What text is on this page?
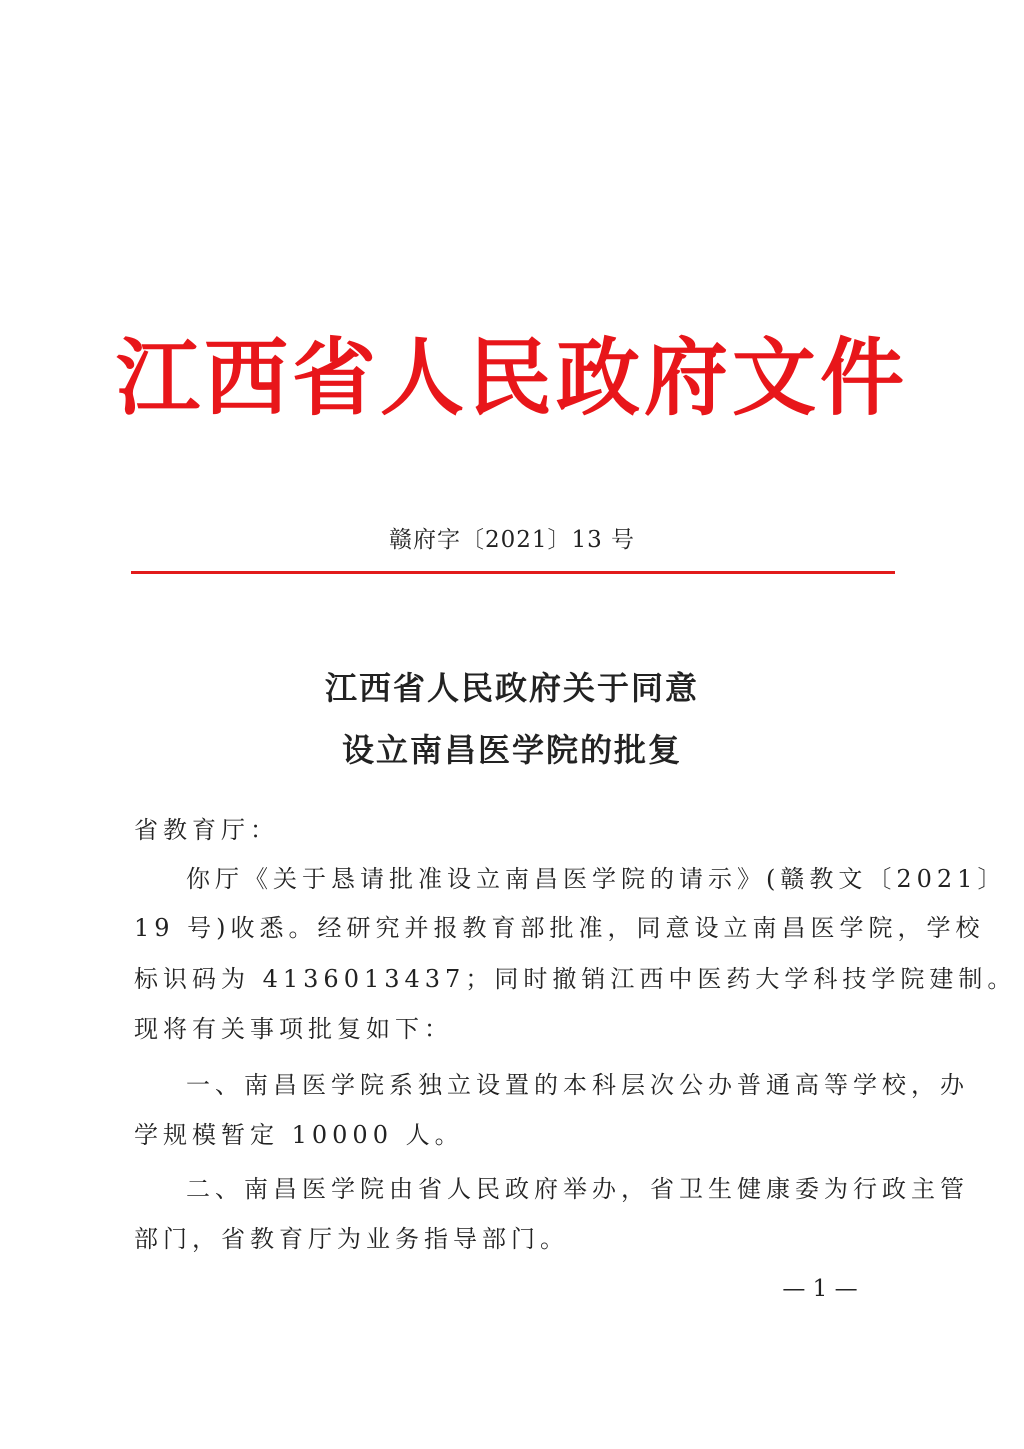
江西省人民政府文件
赣府字〔2021〕13 号
江西省人民政府关于同意
设立南昌医学院的批复
省教育厅：
你厅《关于恳请批准设立南昌医学院的请示》(赣教文〔2021〕
19 号)收悉。经研究并报教育部批准，同意设立南昌医学院，学校
标识码为 4136013437；同时撤销江西中医药大学科技学院建制。
现将有关事项批复如下：
一、南昌医学院系独立设置的本科层次公办普通高等学校，办
学规模暂定 10000 人。
二、南昌医学院由省人民政府举办，省卫生健康委为行政主管
部门，省教育厅为业务指导部门。
— 1 —
